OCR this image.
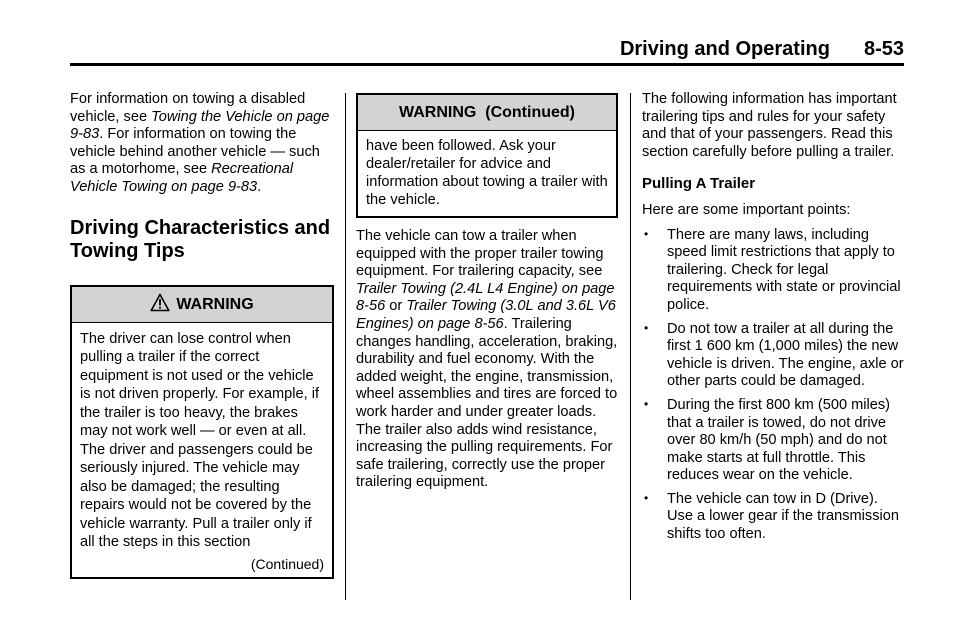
Driving and Operating 8-53

For information on towing a disabled vehicle, see Towing the Vehicle on page 9-83. For information on towing the vehicle behind another vehicle — such as a motorhome, see Recreational Vehicle Towing on page 9-83.

Driving Characteristics and Towing Tips
WARNING

The driver can lose control when pulling a trailer if the correct equipment is not used or the vehicle is not driven properly. For example, if the trailer is too heavy, the brakes may not work well — or even at all. The driver and passengers could be seriously injured. The vehicle may also be damaged; the resulting repairs would not be covered by the vehicle warranty. Pull a trailer only if all the steps in this section

(Continued)
WARNING  (Continued)

have been followed. Ask your dealer/retailer for advice and information about towing a trailer with the vehicle.

The vehicle can tow a trailer when equipped with the proper trailer towing equipment. For trailering capacity, see Trailer Towing (2.4L L4 Engine) on page 8-56 or Trailer Towing (3.0L and 3.6L V6 Engines) on page 8-56. Trailering changes handling, acceleration, braking, durability and fuel economy. With the added weight, the engine, transmission, wheel assemblies and tires are forced to work harder and under greater loads. The trailer also adds wind resistance, increasing the pulling requirements. For safe trailering, correctly use the proper trailering equipment.

The following information has important trailering tips and rules for your safety and that of your passengers. Read this section carefully before pulling a trailer.

Pulling A Trailer

Here are some important points:

• There are many laws, including speed limit restrictions that apply to trailering. Check for legal requirements with state or provincial police.
• Do not tow a trailer at all during the first 1 600 km (1,000 miles) the new vehicle is driven. The engine, axle or other parts could be damaged.
• During the first 800 km (500 miles) that a trailer is towed, do not drive over 80 km/h (50 mph) and do not make starts at full throttle. This reduces wear on the vehicle.
• The vehicle can tow in D (Drive). Use a lower gear if the transmission shifts too often.
